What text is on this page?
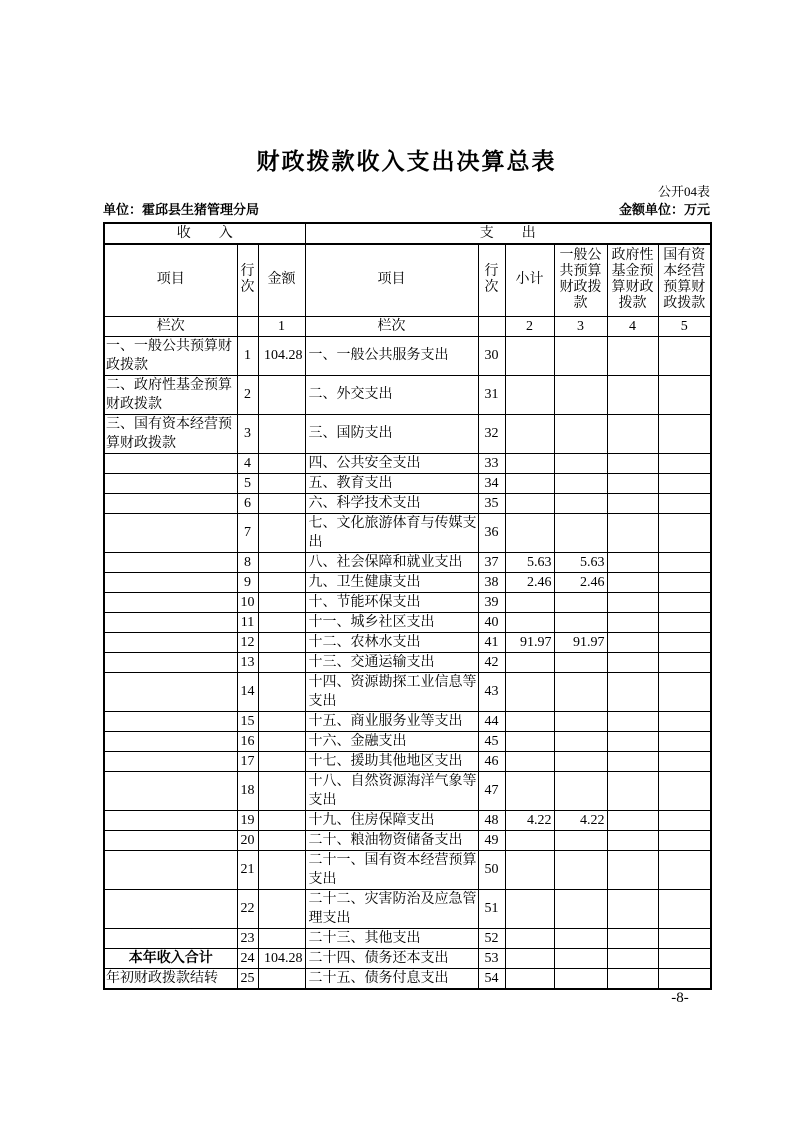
财政拨款收入支出决算总表
公开04表
单位：霍邱县生猪管理分局	金额单位：万元
收　　入			支　　出					
项目	行次	金额	项目	行次	小计	一般公共预算财政拨款	政府性基金预算财政拨款	国有资本经营预算财政拨款
栏次		1	栏次		2	3	4	5
一、一般公共预算财政拨款	1	104.28	一、一般公共服务支出	30				
二、政府性基金预算财政拨款	2		二、外交支出	31				
三、国有资本经营预算财政拨款	3		三、国防支出	32				
	4		四、公共安全支出	33				
	5		五、教育支出	34				
	6		六、科学技术支出	35				
	7		七、文化旅游体育与传媒支出	36				
	8		八、社会保障和就业支出	37	5.63	5.63		
	9		九、卫生健康支出	38	2.46	2.46		
	10		十、节能环保支出	39				
	11		十一、城乡社区支出	40				
	12		十二、农林水支出	41	91.97	91.97		
	13		十三、交通运输支出	42				
	14		十四、资源勘探工业信息等支出	43				
	15		十五、商业服务业等支出	44				
	16		十六、金融支出	45				
	17		十七、援助其他地区支出	46				
	18		十八、自然资源海洋气象等支出	47				
	19		十九、住房保障支出	48	4.22	4.22		
	20		二十、粮油物资储备支出	49				
	21		二十一、国有资本经营预算支出	50				
	22		二十二、灾害防治及应急管理支出	51				
	23		二十三、其他支出	52				
本年收入合计	24	104.28	二十四、债务还本支出	53				
年初财政拨款结转	25		二十五、债务付息支出	54				
-8-
